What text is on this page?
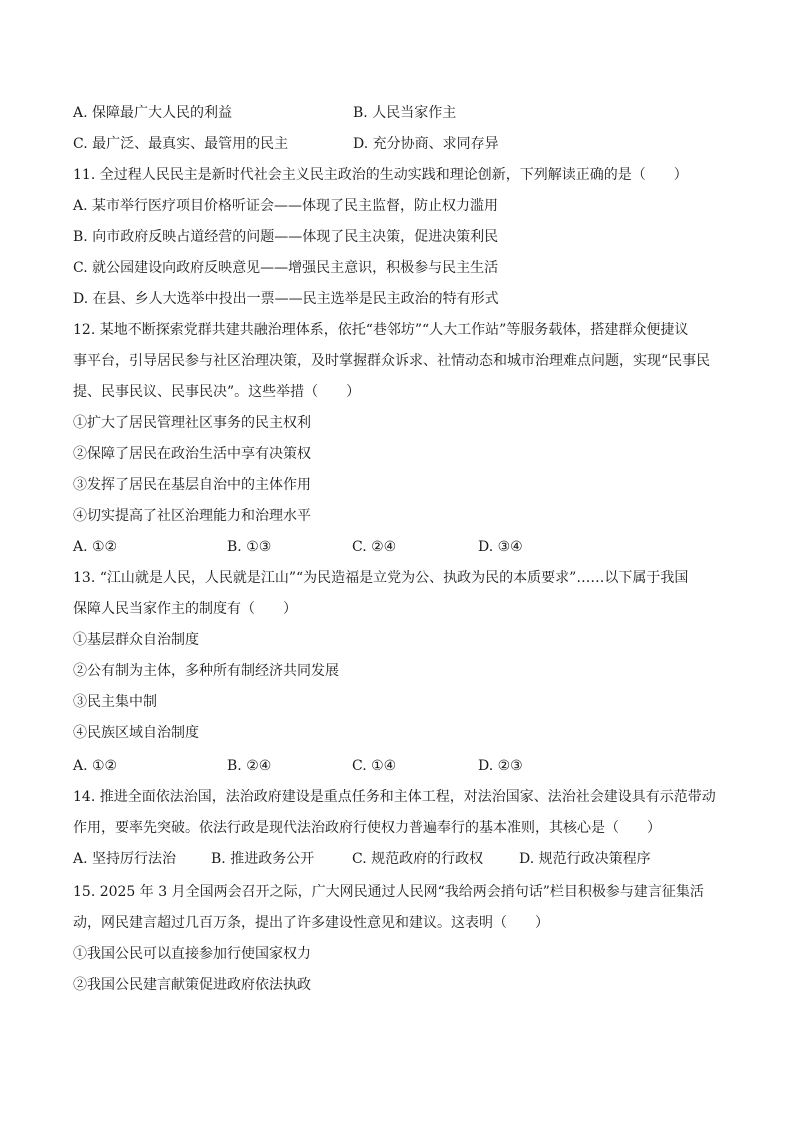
A. 保障最广大人民的利益	B. 人民当家作主
C. 最广泛、最真实、最管用的民主	D. 充分协商、求同存异
11. 全过程人民民主是新时代社会主义民主政治的生动实践和理论创新，下列解读正确的是（　　）
A. 某市举行医疗项目价格听证会——体现了民主监督，防止权力滥用
B. 向市政府反映占道经营的问题——体现了民主决策，促进决策利民
C. 就公园建设向政府反映意见——增强民主意识，积极参与民主生活
D. 在县、乡人大选举中投出一票——民主选举是民主政治的特有形式
12. 某地不断探索党群共建共融治理体系，依托“巷邻坊”“人大工作站”等服务载体，搭建群众便捷议
事平台，引导居民参与社区治理决策，及时掌握群众诉求、社情动态和城市治理难点问题，实现“民事民
提、民事民议、民事民决”。这些举措（　　）
①扩大了居民管理社区事务的民主权利
②保障了居民在政治生活中享有决策权
③发挥了居民在基层自治中的主体作用
④切实提高了社区治理能力和治理水平
A. ①②	B. ①③	C. ②④	D. ③④
13. “江山就是人民，人民就是江山”“为民造福是立党为公、执政为民的本质要求”……以下属于我国
保障人民当家作主的制度有（　　）
①基层群众自治制度
②公有制为主体，多种所有制经济共同发展
③民主集中制
④民族区域自治制度
A. ①②	B. ②④	C. ①④	D. ②③
14. 推进全面依法治国，法治政府建设是重点任务和主体工程，对法治国家、法治社会建设具有示范带动
作用，要率先突破。依法行政是现代法治政府行使权力普遍奉行的基本准则，其核心是（　　）
A. 坚持厉行法治 B. 推进政务公开	C. 规范政府的行政权	D. 规范行政决策程序
15. 2025 年 3 月全国两会召开之际，广大网民通过人民网“我给两会捎句话”栏目积极参与建言征集活
动，网民建言超过几百万条，提出了许多建设性意见和建议。这表明（　　）
①我国公民可以直接参加行使国家权力
②我国公民建言献策促进政府依法执政
